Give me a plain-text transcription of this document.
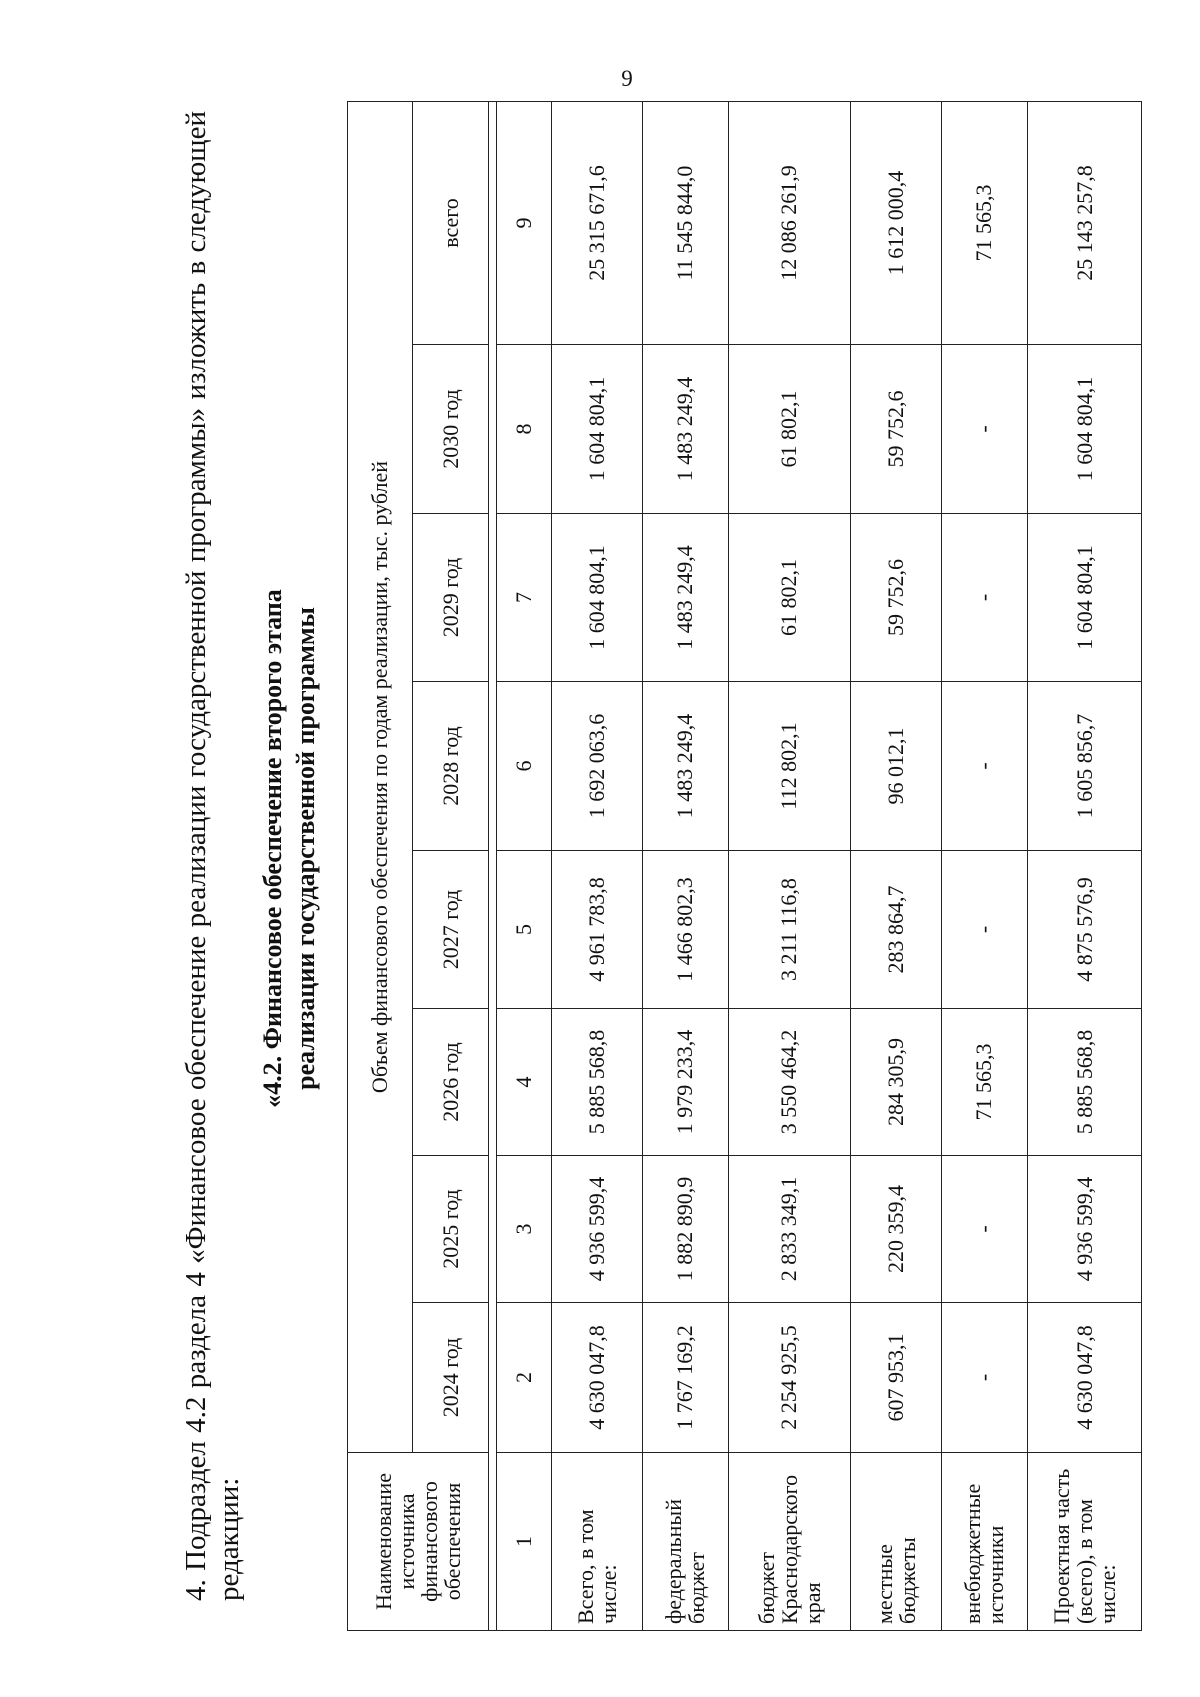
9
4. Подраздел 4.2 раздела 4 «Финансовое обеспечение реализации государственной программы» изложить в следующей редакции:
«4.2. Финансовое обеспечение второго этапа реализации государственной программы
Наименование источника финансового обеспечения	Объем финансового обеспечения по годам реализации, тыс. рублей							
	2024 год	2025 год	2026 год	2027 год	2028 год	2029 год	2030 год	всего

1	2	3	4	5	6	7	8	9
Всего, в том числе:	4 630 047,8	4 936 599,4	5 885 568,8	4 961 783,8	1 692 063,6	1 604 804,1	1 604 804,1	25 315 671,6
федеральный бюджет	1 767 169,2	1 882 890,9	1 979 233,4	1 466 802,3	1 483 249,4	1 483 249,4	1 483 249,4	11 545 844,0
бюджет Краснодарского края	2 254 925,5	2 833 349,1	3 550 464,2	3 211 116,8	112 802,1	61 802,1	61 802,1	12 086 261,9
местные бюджеты	607 953,1	220 359,4	284 305,9	283 864,7	96 012,1	59 752,6	59 752,6	1 612 000,4
внебюджетные источники	-	-	71 565,3	-	-	-	-	71 565,3
Проектная часть (всего), в том числе:	4 630 047,8	4 936 599,4	5 885 568,8	4 875 576,9	1 605 856,7	1 604 804,1	1 604 804,1	25 143 257,8
